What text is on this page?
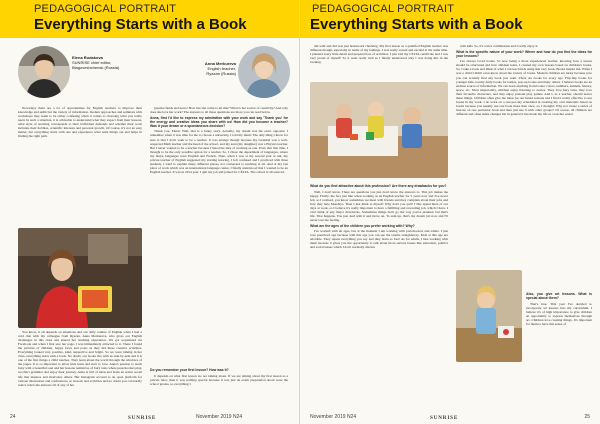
PEDAGOGICAL PORTRAIT
Everything Starts with a Book
Elena Rudakova
SUNRISE chief editor,
Blagoveshchensk (Russia)
Anna Merkureva
English teacher,
Ryazan (Russia)

Nowadays there are a lot of opportunities for English teachers to improve their knowledge and skills but the variety of information, modern approaches and seminars with workshops may seem to be rather confusing when it comes to choosing what you really need. In such a situation, it is advisable to understand what they expect from their lessons, what style of teaching corresponds to their individual demands and whether their work includes their hobbies, scientific interests and personal growth. Of course, it's not an easy matter, but everything starts with one and experience what suits things out and helps in finding the right path.

You know, it all depends on situations and our daily routine of English when I had a cold chat with my colleague from Ryazan. Anna Merkureva, who gives our English challenges in this class and shared her teaching experience. We got acquainted via Facebook and when I first saw her page, I was immediately attracted to it. There I found the pictures of children, happy faces and posts as they did these creative activities. Everything looked very positive, kind, supportive and bright. So we were talking in her class, everything starts with a book. No doubt, our books live with us side-by-side and it is one of the first things a child touches. They learn about the world through the windows of the pages. It is so important to allow kids learn and start to love. Anna's passion to teach fairy with a beautiful soul and her lessons remind us of fairy tales where preschoolers play, recollect grammar and enjoy their journey. Anna is full of ideas and leads an active social life that inspires and motivates others. Her Instagram account is an open platform for various discussions and conferences, so lessons and activities and no doubt you can hardly notice when she answers all of any of her

greatest fields and news! How has she come to all this? What is her source of creativity? And why does she love her work? The answers to all these questions are more you can read below.

Anna, first I'd like to express my admiration with your work and say 'Thank you' for the energy and creative ideas you share with us! How did you become a teacher? Was it your dream or a spontaneous decision?

Thank you, Elena! Well, that is a funny story. Actually, my dream was the exact opposite. I remember when it was time for me to choose a university, I told my mum: The only thing I know for sure is that I don't want to be a teacher. It was strange though because my Grandad was a well-respected Math teacher and the head of the school, and my aunt (my daughter) was a Physics teacher. But I never wanted to be a teacher because I hated the idea of working as one. Even that that time, I thought to be the only possible option for a teacher. So, I chose the department of languages, where my major languages were English and French. Then, when I was at my second year at uni, my private teacher of English suggested my starting tutoring. I felt confused and I practiced with three students. I tried to explain many different places, not connected to teaching at all. And at my last place of work which was an international language center, I finally understood that I wanted to be an English teacher. It was in 2014 year. I quit my job and joined for CELTA. The school is all sourced.

Do you remember your first lesson? How was it?

It depends on what first lesson we are talking about. If we are talking about my first lesson as a private tutor, then it was nothing special because it was just an exam preparation about were the school grades, so everything I

24	SUNRISE	November 2019 N24
PEDAGOGICAL PORTRAIT
Everything Starts with a Book

did with and did was just homework checking. My first lesson as a qualified English teacher was different though, especially in terms of my feelings. I was really scared and excited at the same time. I planned every little detail and prepared lots of activities. I just told my CELTA certificate and I was very proud of myself! So it went really well as I finally understood why I was doing this in the evening.

What do you find attractive about this profession? Are there any drawbacks for you?

Well, I don't know. There are questions you just don't know the answers to. This job makes me happy. Firstly, the fact just like when working as an English teacher for 5 years now and I've never felt, so I realised, you know sometimes we meet with friends and they complain about their jobs and how they hate Mondays. Then I just think to myself: Why don't you quit? I like spend most of our days at work, so I believe it's really important to have a fulfilling and rewarding job, which I have. I can't think of any major drawbacks. Sometimes things don't go the way you've planned, but that's life. That happens. You just deal with it and move on. To sum up, that's my dream job now and I'll never lose the feeling.

What are the ages of the children you prefer working with? Why?

I've worked with all ages, but at the moment I am working with preschoolers and adults. I just love preschool age because with this age you can see the results straightaway. Kids at this age are adorable. They repeat everything you say and they learn so fast! As for adults, I like working with them because it gives you the opportunity to talk about more serious issues like education, politics and social issues which I don't normally discuss

with kids. So, it's a nice combination and I really enjoy it.

What is the specific nature of your work? Where and how do you find the ideas for your lessons?

I've always loved books. So now being a more experienced teacher, knowing how a lesson should be structured and how children learn, I created my own lessons based on children's books. So, I take a book and think of what I can teach kids using this very book. Books inspire me. When I was a child I didn't even know about the variety of books. Modern children are lucky because now you can actually find any book you want. There are books for every age. Flip-flap books for younger kids, touchy-feely books for babies, pop-up books and many others. I believe books are an endless source of information. We can learn anything from books: colors, numbers, animals, history, space, etc. Most importantly, children enjoy listening to stories. They love fairy tales, they love their favourite characters, and they enjoy pretend play games. And I, as a teacher, should notice these things. Children often give me ideas for our future lessons and I find it really effective to use books in my work. I do work on a one-per-day scheduled in creating my own materials based on books because you usually use one book more than once, so, I thought: Why not create a series of lessons on one particular book and then just use it with other groups? Of course, all children are different and often make changes but in general it has made my life as a teacher easier.

Also, you give art lessons. What is special about them?

That's true. This year I've decided to incorporate art lessons into my curriculum. I believe it's of high importance to give children an opportunity to express themselves through art. Children love creating things. It's important for them to have this sense of

November 2019 N24	SUNRISE	25
